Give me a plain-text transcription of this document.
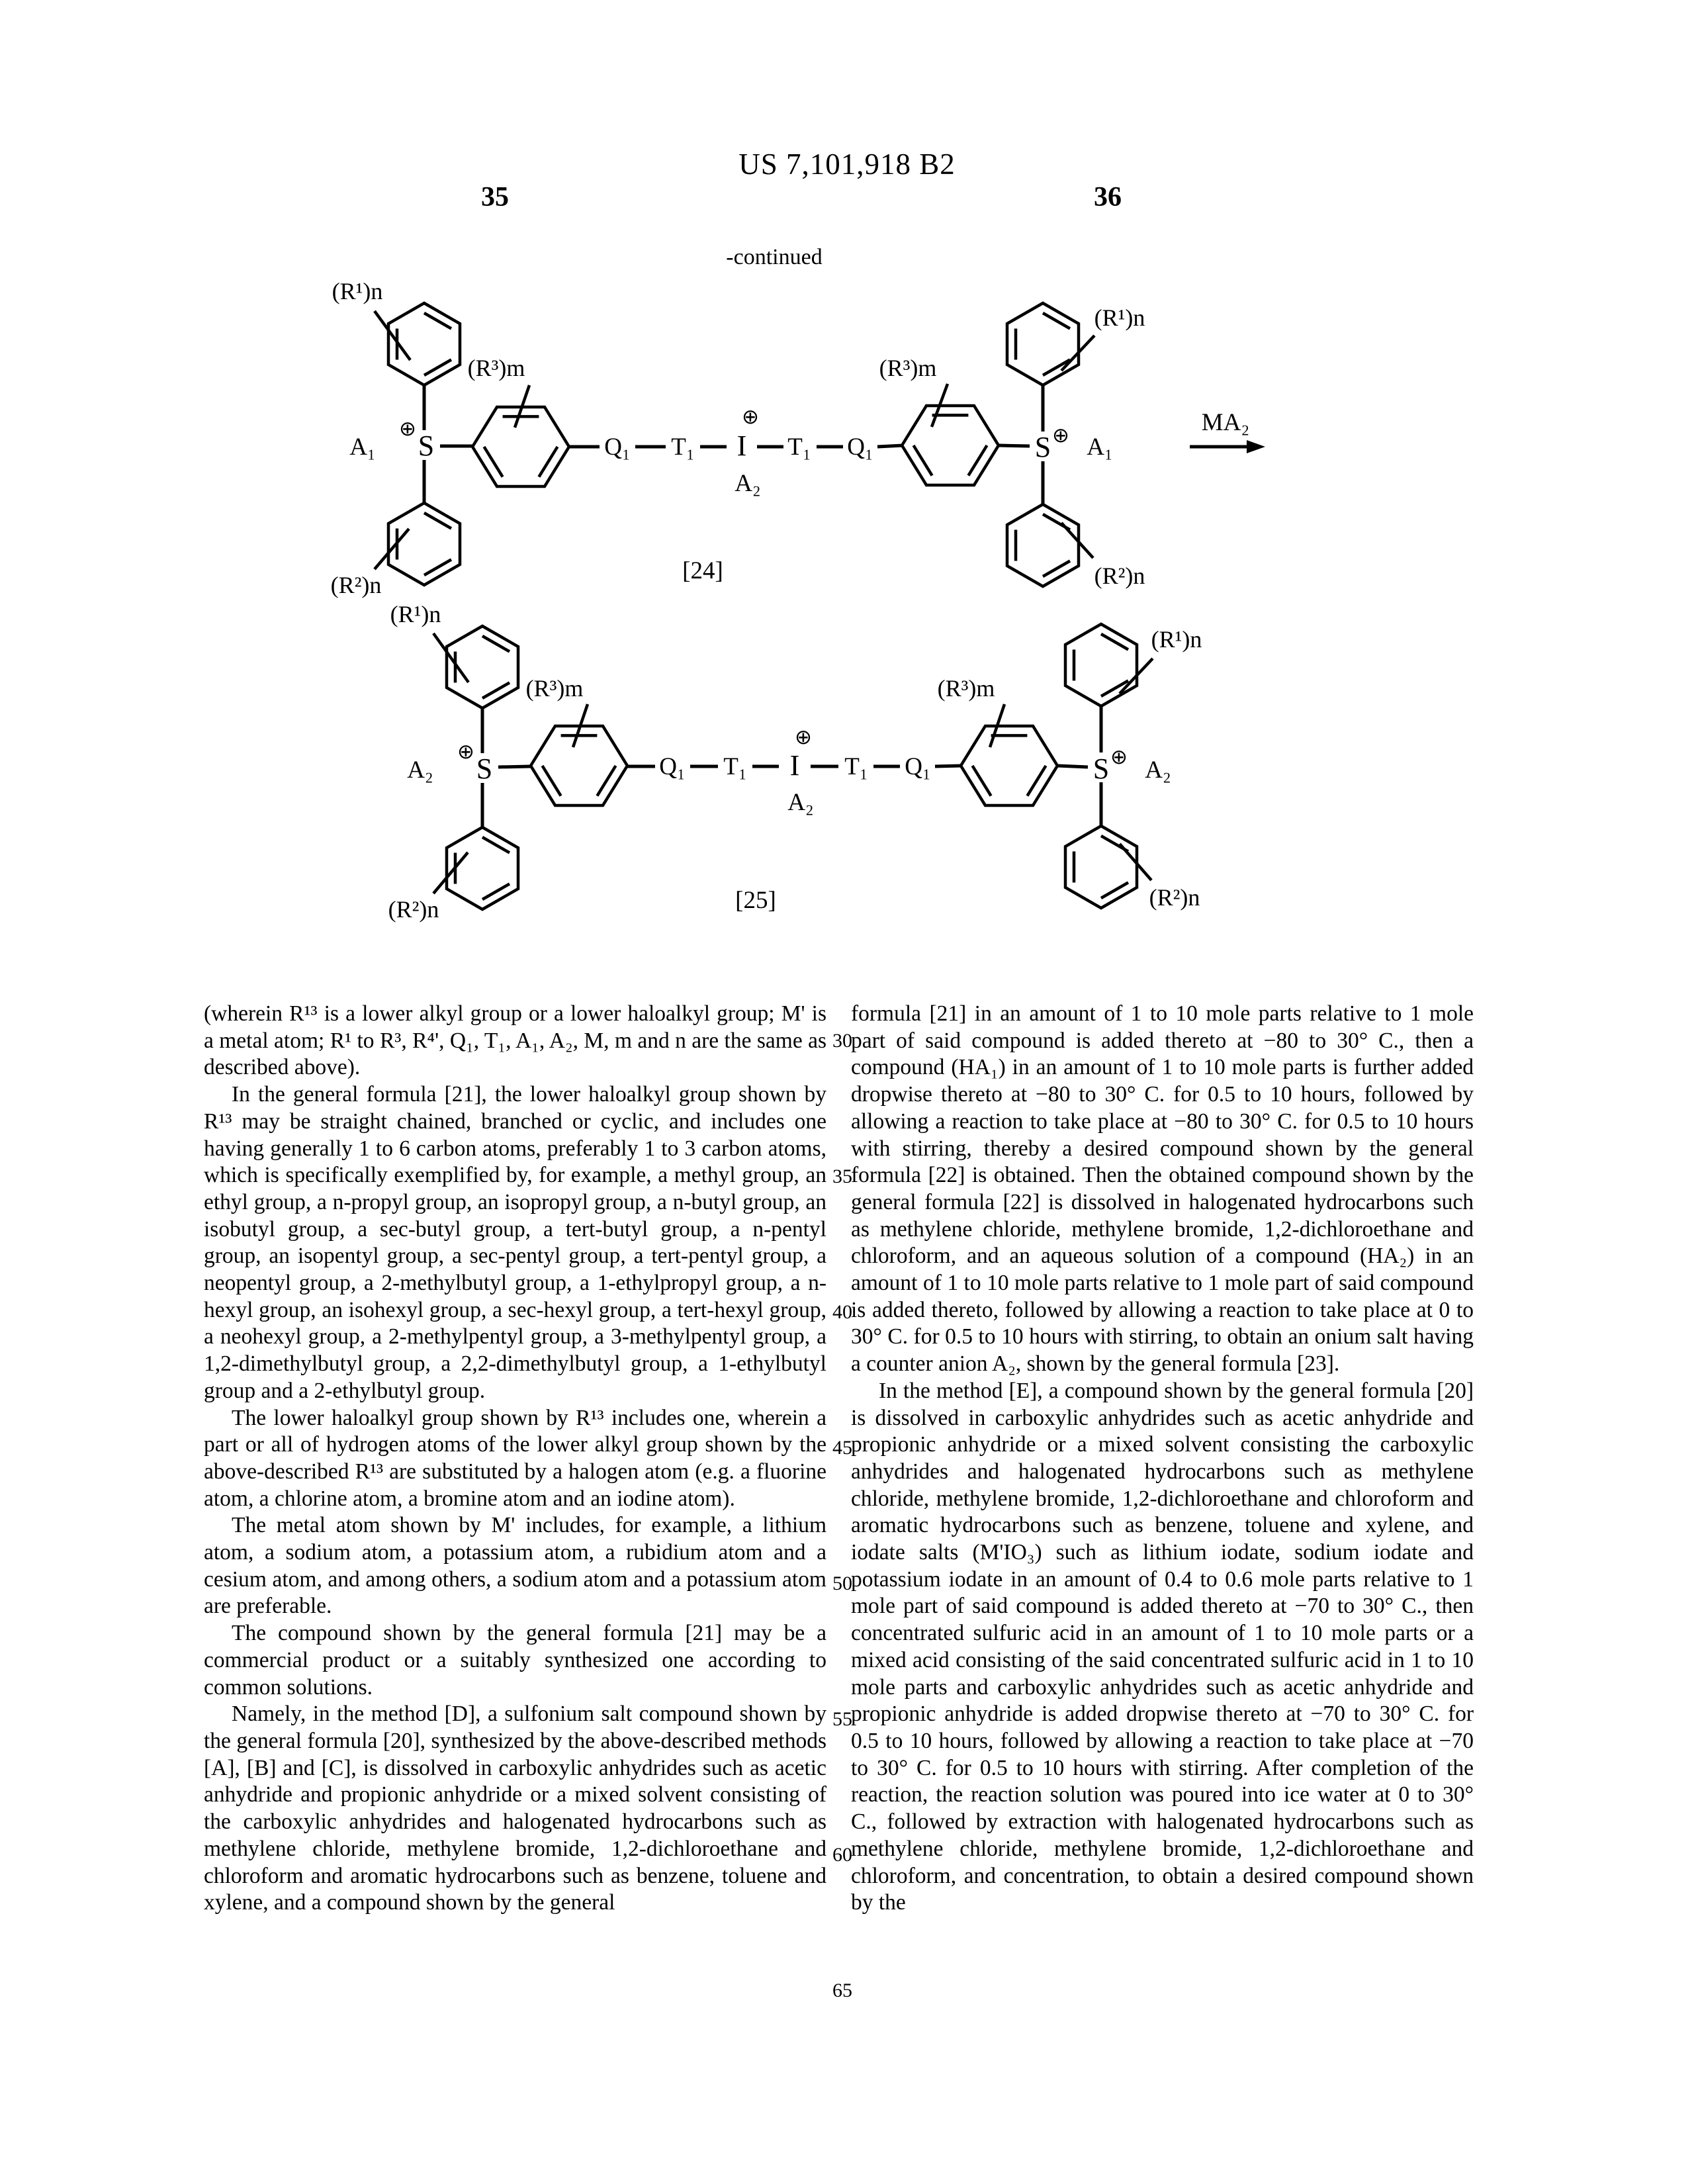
US 7,101,918 B2
35	36
-continued
A₁
⊕
S
(R¹)n
(R²)n
(R³)m
Q₁ T₁
⊕
I
A₂
T₁ Q₁
(R³)m
S ⊕ A₁
(R¹)n
(R²)n
MA₂
[24]
A₂
⊕
S
(R¹)n
(R²)n
(R³)m
Q₁ T₁
⊕
I
A₂
T₁ Q₁
(R³)m
S ⊕ A₂
(R¹)n
(R²)n
[25]

(wherein R¹³ is a lower alkyl group or a lower haloalkyl group; M' is a metal atom; R¹ to R³, R⁴', Q₁, T₁, A₁, A₂, M, m and n are the same as described above).

In the general formula [21], the lower haloalkyl group shown by R¹³ may be straight chained, branched or cyclic, and includes one having generally 1 to 6 carbon atoms, preferably 1 to 3 carbon atoms, which is specifically exemplified by, for example, a methyl group, an ethyl group, a n-propyl group, an isopropyl group, a n-butyl group, an isobutyl group, a sec-butyl group, a tert-butyl group, a n-pentyl group, an isopentyl group, a sec-pentyl group, a tert-pentyl group, a neopentyl group, a 2-methylbutyl group, a 1-ethylpropyl group, a n-hexyl group, an isohexyl group, a sec-hexyl group, a tert-hexyl group, a neohexyl group, a 2-methylpentyl group, a 3-methylpentyl group, a 1,2-dimethylbutyl group, a 2,2-dimethylbutyl group, a 1-ethylbutyl group and a 2-ethylbutyl group.

The lower haloalkyl group shown by R¹³ includes one, wherein a part or all of hydrogen atoms of the lower alkyl group shown by the above-described R¹³ are substituted by a halogen atom (e.g. a fluorine atom, a chlorine atom, a bromine atom and an iodine atom).

The metal atom shown by M' includes, for example, a lithium atom, a sodium atom, a potassium atom, a rubidium atom and a cesium atom, and among others, a sodium atom and a potassium atom are preferable.

The compound shown by the general formula [21] may be a commercial product or a suitably synthesized one according to common solutions.

Namely, in the method [D], a sulfonium salt compound shown by the general formula [20], synthesized by the above-described methods [A], [B] and [C], is dissolved in carboxylic anhydrides such as acetic anhydride and propionic anhydride or a mixed solvent consisting of the carboxylic anhydrides and halogenated hydrocarbons such as methylene chloride, methylene bromide, 1,2-dichloroethane and chloroform and aromatic hydrocarbons such as benzene, toluene and xylene, and a compound shown by the general

formula [21] in an amount of 1 to 10 mole parts relative to 1 mole part of said compound is added thereto at −80 to 30° C., then a compound (HA₁) in an amount of 1 to 10 mole parts is further added dropwise thereto at −80 to 30° C. for 0.5 to 10 hours, followed by allowing a reaction to take place at −80 to 30° C. for 0.5 to 10 hours with stirring, thereby a desired compound shown by the general formula [22] is obtained. Then the obtained compound shown by the general formula [22] is dissolved in halogenated hydrocarbons such as methylene chloride, methylene bromide, 1,2-dichloroethane and chloroform, and an aqueous solution of a compound (HA₂) in an amount of 1 to 10 mole parts relative to 1 mole part of said compound is added thereto, followed by allowing a reaction to take place at 0 to 30° C. for 0.5 to 10 hours with stirring, to obtain an onium salt having a counter anion A₂, shown by the general formula [23].

In the method [E], a compound shown by the general formula [20] is dissolved in carboxylic anhydrides such as acetic anhydride and propionic anhydride or a mixed solvent consisting the carboxylic anhydrides and halogenated hydrocarbons such as methylene chloride, methylene bromide, 1,2-dichloroethane and chloroform and aromatic hydrocarbons such as benzene, toluene and xylene, and iodate salts (M'IO₃) such as lithium iodate, sodium iodate and potassium iodate in an amount of 0.4 to 0.6 mole parts relative to 1 mole part of said compound is added thereto at −70 to 30° C., then concentrated sulfuric acid in an amount of 1 to 10 mole parts or a mixed acid consisting of the said concentrated sulfuric acid in 1 to 10 mole parts and carboxylic anhydrides such as acetic anhydride and propionic anhydride is added dropwise thereto at −70 to 30° C. for 0.5 to 10 hours, followed by allowing a reaction to take place at −70 to 30° C. for 0.5 to 10 hours with stirring. After completion of the reaction, the reaction solution was poured into ice water at 0 to 30° C., followed by extraction with halogenated hydrocarbons such as methylene chloride, methylene bromide, 1,2-dichloroethane and chloroform, and concentration, to obtain a desired compound shown by the

30
35
40
45
50
55
60
65
